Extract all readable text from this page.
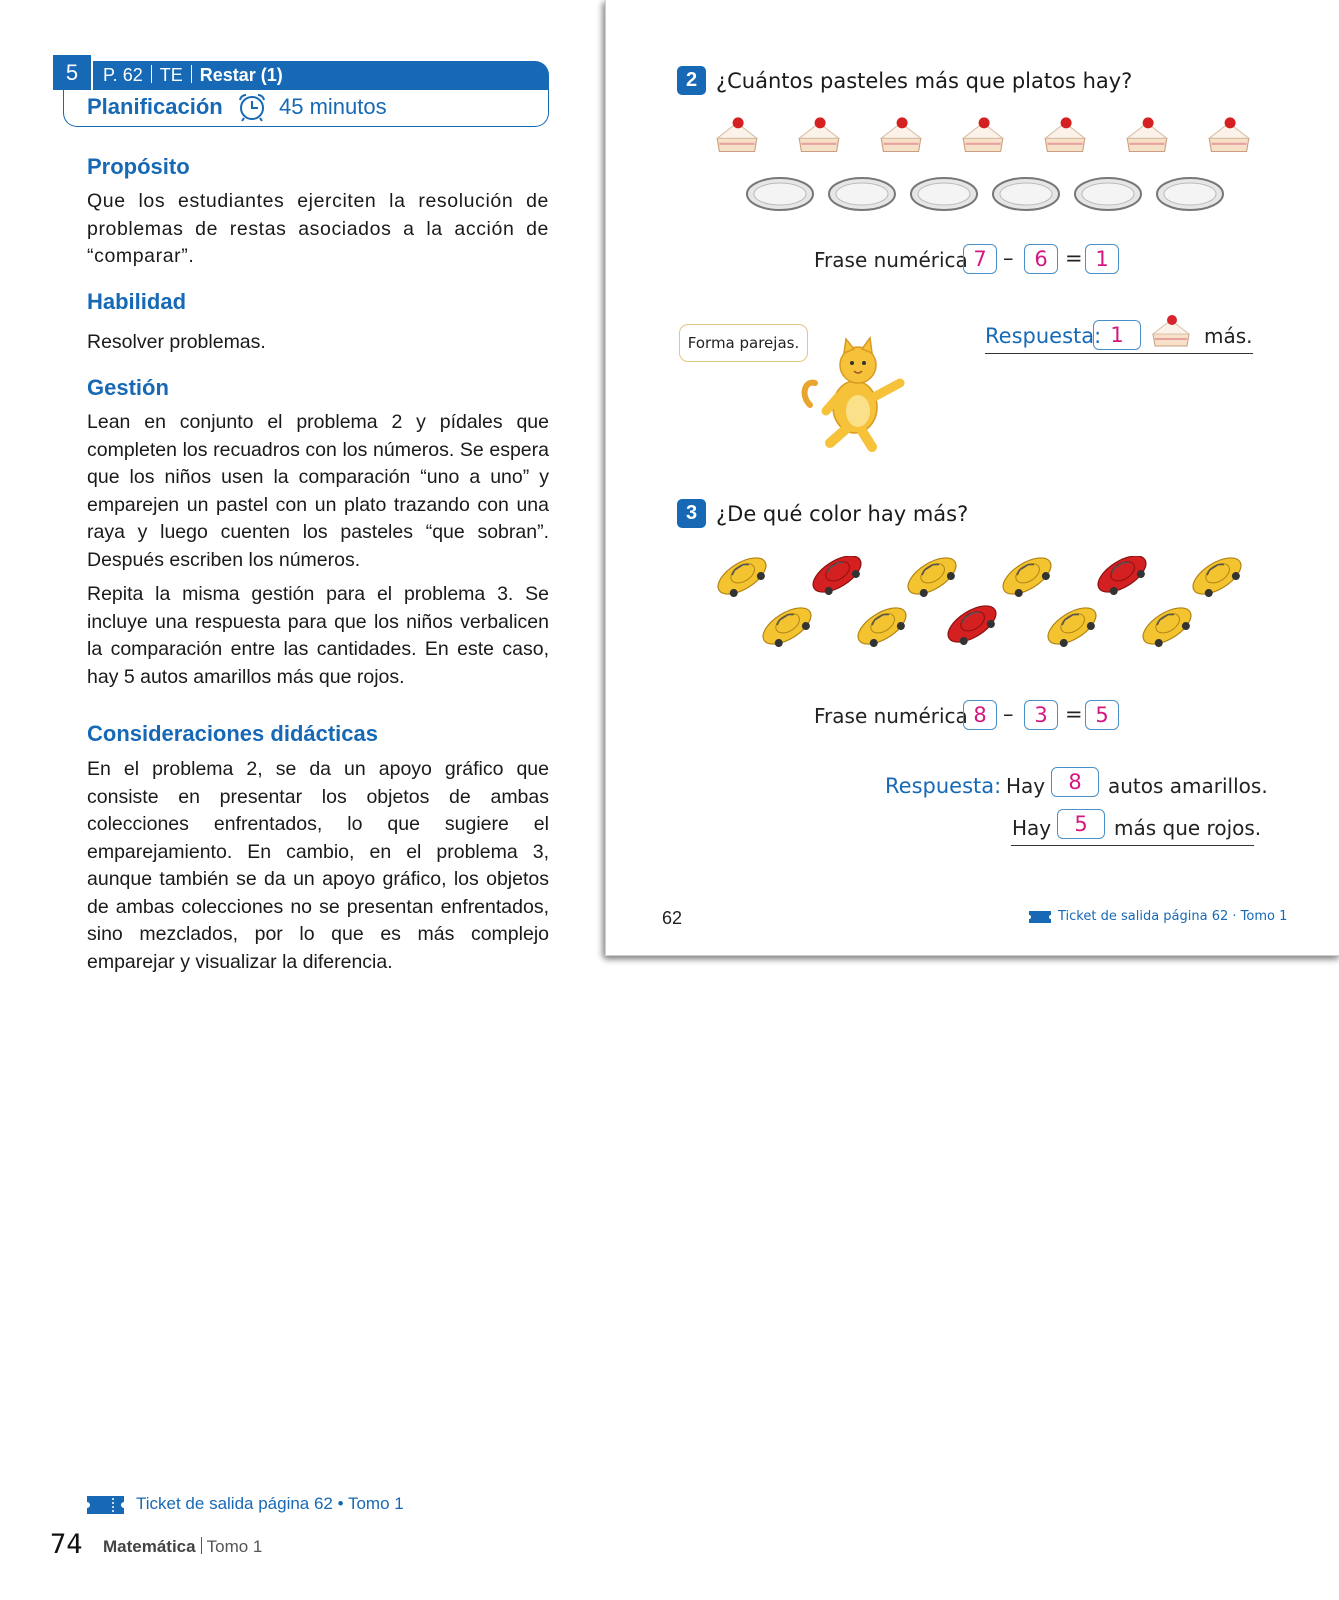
5	P. 62 TE Restar (1)
Planificación	45 minutos
Propósito

Que los estudiantes ejerciten la resolución de problemas de restas asociados a la acción de “comparar”.

Habilidad

Resolver problemas.

Gestión

Lean en conjunto el problema 2 y pídales que completen los recuadros con los números. Se espera que los niños usen la comparación “uno a uno” y emparejen un pastel con un plato trazando con una raya y luego cuenten los pasteles “que sobran”. Después escriben los números.

Repita la misma gestión para el problema 3. Se incluye una respuesta para que los niños verbalicen la comparación entre las cantidades. En este caso, hay 5 autos amarillos más que rojos.

Consideraciones didácticas

En el problema 2, se da un apoyo gráfico que consiste en presentar los objetos de ambas colecciones enfrentados, lo que sugiere el emparejamiento. En cambio, en el problema 3, aunque también se da un apoyo gráfico, los objetos de ambas colecciones no se presentan enfrentados, sino mezclados, por lo que es más complejo emparejar y visualizar la diferencia.

Ticket de salida página 62 • Tomo 1
74 Matemática Tomo 1
2 ¿Cuántos pasteles más que platos hay?
Frase numérica 7 – 6 = 1
Respuesta: 1	más.
Forma parejas.
3 ¿De qué color hay más?
Frase numérica 8 – 3 = 5
Respuesta: Hay	8	autos amarillos.
Hay	5	más que rojos.
62	Ticket de salida página 62 · Tomo 1
